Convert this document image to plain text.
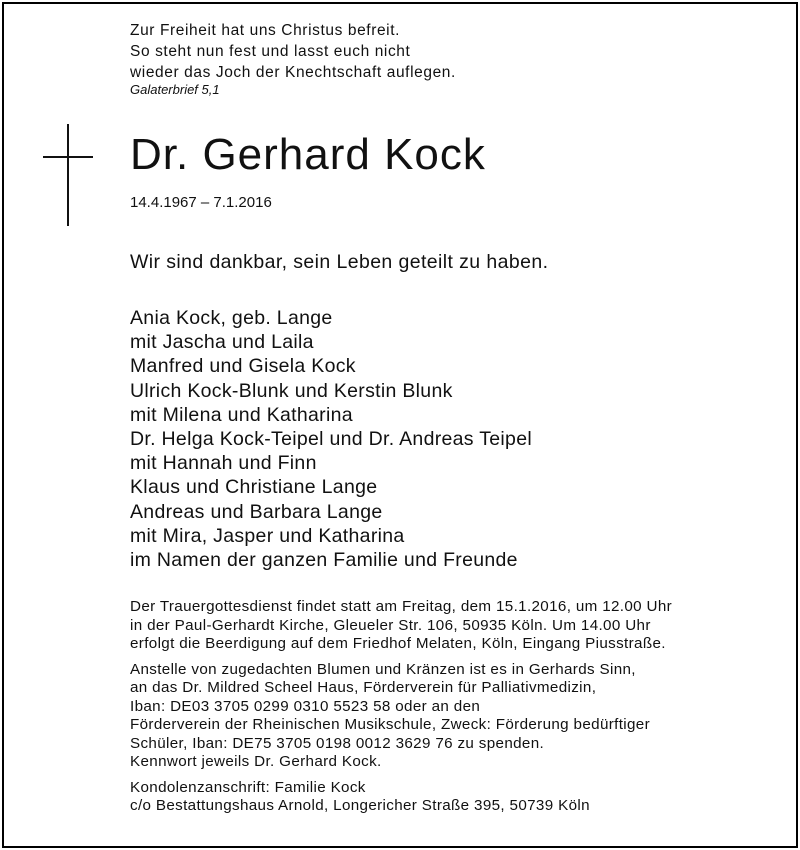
Zur Freiheit hat uns Christus befreit.
So steht nun fest und lasst euch nicht
wieder das Joch der Knechtschaft auflegen.
Galaterbrief 5,1
Dr. Gerhard Kock
14.4.1967 – 7.1.2016
Wir sind dankbar, sein Leben geteilt zu haben.
Ania Kock, geb. Lange
mit Jascha und Laila
Manfred und Gisela Kock
Ulrich Kock-Blunk und Kerstin Blunk
mit Milena und Katharina
Dr. Helga Kock-Teipel und Dr. Andreas Teipel
mit Hannah und Finn
Klaus und Christiane Lange
Andreas und Barbara Lange
mit Mira, Jasper und Katharina
im Namen der ganzen Familie und Freunde
Der Trauergottesdienst findet statt am Freitag, dem 15.1.2016, um 12.00 Uhr
in der Paul-Gerhardt Kirche, Gleueler Str. 106, 50935 Köln. Um 14.00 Uhr
erfolgt die Beerdigung auf dem Friedhof Melaten, Köln, Eingang Piusstraße.
Anstelle von zugedachten Blumen und Kränzen ist es in Gerhards Sinn,
an das Dr. Mildred Scheel Haus, Förderverein für Palliativmedizin,
Iban: DE03 3705 0299 0310 5523 58 oder an den
Förderverein der Rheinischen Musikschule, Zweck: Förderung bedürftiger
Schüler, Iban: DE75 3705 0198 0012 3629 76 zu spenden.
Kennwort jeweils Dr. Gerhard Kock.
Kondolenzanschrift: Familie Kock
c/o Bestattungshaus Arnold, Longericher Straße 395, 50739 Köln
